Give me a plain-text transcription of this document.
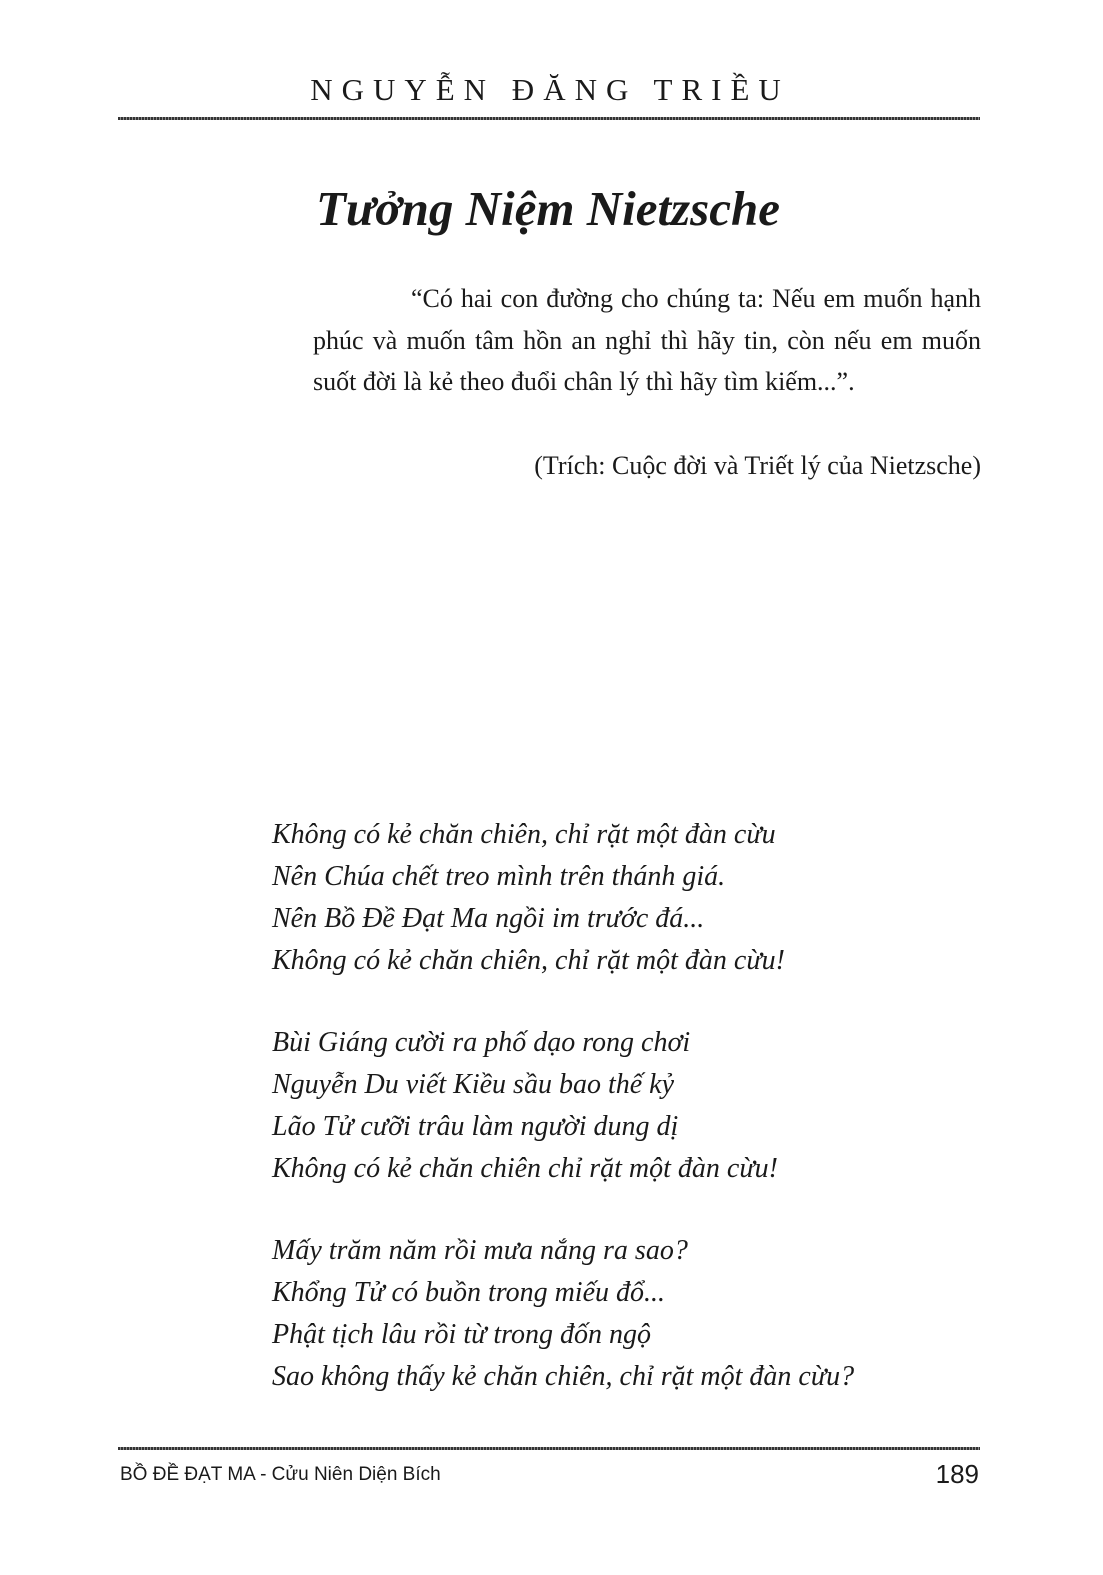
NGUYỄN ĐĂNG TRIỀU
Tưởng Niệm Nietzsche

“Có hai con đường cho chúng ta: Nếu em muốn hạnh phúc và muốn tâm hồn an nghỉ thì hãy tin, còn nếu em muốn suốt đời là kẻ theo đuổi chân lý thì hãy tìm kiếm...”.

(Trích: Cuộc đời và Triết lý của Nietzsche)
Không có kẻ chăn chiên, chỉ rặt một đàn cừu
Nên Chúa chết treo mình trên thánh giá.
Nên Bồ Đề Đạt Ma ngồi im trước đá...
Không có kẻ chăn chiên, chỉ rặt một đàn cừu!
Bùi Giáng cười ra phố dạo rong chơi
Nguyễn Du viết Kiều sầu bao thế kỷ
Lão Tử cưỡi trâu làm người dung dị
Không có kẻ chăn chiên chỉ rặt một đàn cừu!
Mấy trăm năm rồi mưa nắng ra sao?
Khổng Tử có buồn trong miếu đổ...
Phật tịch lâu rồi từ trong đốn ngộ
Sao không thấy kẻ chăn chiên, chỉ rặt một đàn cừu?
BỒ ĐỀ ĐẠT MA - Cửu Niên Diện Bích	189
